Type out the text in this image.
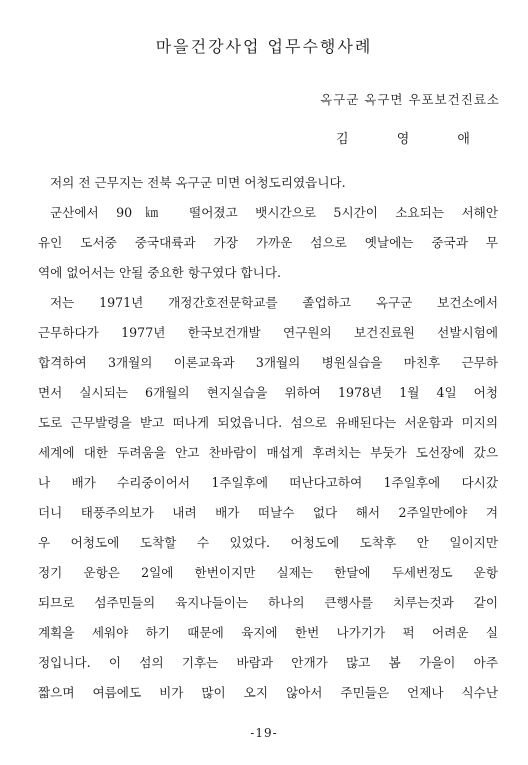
마을건강사업 업무수행사례
옥구군 옥구면 우포보건진료소
김 영 애
저의 전 근무지는 전북 옥구군 미면 어청도리였읍니다.
군산에서 90㎞ 떨어졌고 뱃시간으로 5시간이 소요되는 서해안
유인 도서중 중국대륙과 가장 가까운 섬으로 옛날에는 중국과 무
역에 없어서는 안될 중요한 항구였다 합니다.
저는 1971년 개정간호전문학교를 졸업하고 옥구군 보건소에서
근무하다가 1977년 한국보건개발 연구원의 보건진료원 선발시험에
합격하여 3개월의 이론교육과 3개월의 병원실습을 마친후 근무하
면서 실시되는 6개월의 현지실습을 위하여 1978년 1월 4일 어청
도로 근무발령을 받고 떠나게 되었읍니다. 섬으로 유배된다는 서운함과 미지의
세계에 대한 두려움을 안고 찬바람이 매섭게 후려치는 부둣가 도선장에 갔으
나 배가 수리중이어서 1주일후에 떠난다고하여 1주일후에 다시갔
더니 태풍주의보가 내려 배가 떠날수 없다 해서 2주일만에야 겨
우 어청도에 도착할 수 있었다. 어청도에 도착후 안 일이지만
정기 운항은 2일에 한번이지만 실제는 한달에 두세번정도 운항
되므로 섬주민들의 육지나들이는 하나의 큰행사를 치루는것과 같이
계획을 세워야 하기 때문에 육지에 한번 나가기가 퍽 어려운 실
정입니다. 이 섬의 기후는 바람과 안개가 많고 봄 가을이 아주
짧으며 여름에도 비가 많이 오지 않아서 주민들은 언제나 식수난
-19-
